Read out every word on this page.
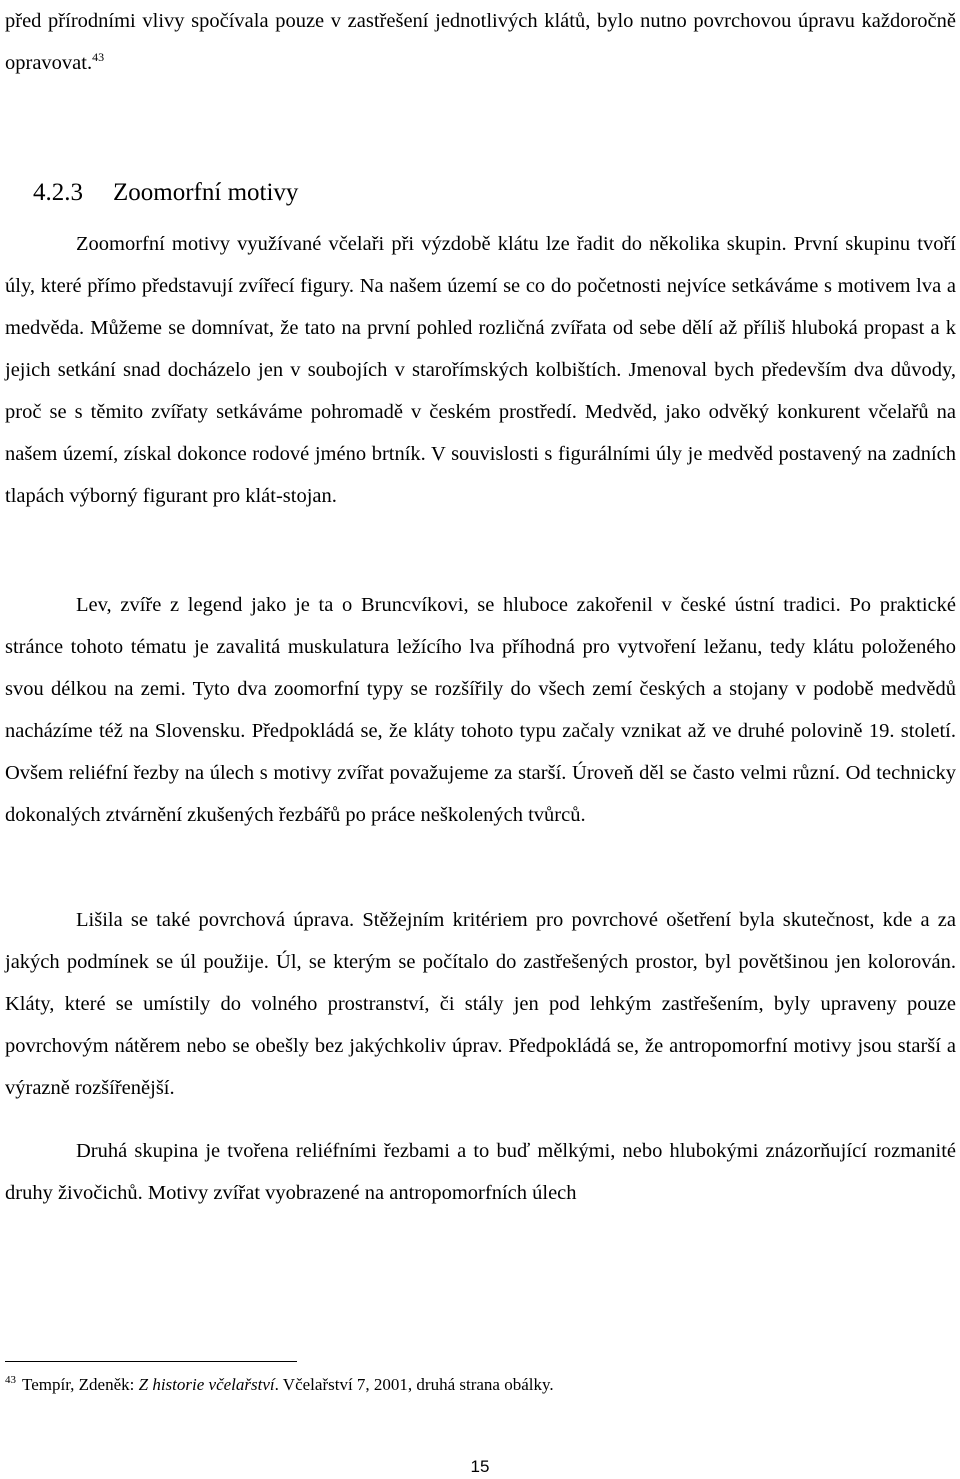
před přírodními vlivy spočívala pouze v zastřešení jednotlivých klátů, bylo nutno povrchovou úpravu každoročně opravovat.$^{43}$

4.2.3 Zoomorfní motivy

Zoomorfní motivy využívané včelaři při výzdobě klátu lze řadit do několika skupin. První skupinu tvoří úly, které přímo představují zvířecí figury. Na našem území se co do početnosti nejvíce setkáváme s motivem lva a medvěda. Můžeme se domnívat, že tato na první pohled rozličná zvířata od sebe dělí až příliš hluboká propast a k jejich setkání snad docházelo jen v soubojích v starořímských kolbištích. Jmenoval bych především dva důvody, proč se s těmito zvířaty setkáváme pohromadě v českém prostředí. Medvěd, jako odvěký konkurent včelařů na našem území, získal dokonce rodové jméno brtník. V souvislosti s figurálními úly je medvěd postavený na zadních tlapách výborný figurant pro klát-stojan.

Lev, zvíře z legend jako je ta o Bruncvíkovi, se hluboce zakořenil v české ústní tradici. Po praktické stránce tohoto tématu je zavalitá muskulatura ležícího lva příhodná pro vytvoření ležanu, tedy klátu položeného svou délkou na zemi. Tyto dva zoomorfní typy se rozšířily do všech zemí českých a stojany v podobě medvědů nacházíme též na Slovensku. Předpokládá se, že kláty tohoto typu začaly vznikat až ve druhé polovině 19. století. Ovšem reliéfní řezby na úlech s motivy zvířat považujeme za starší. Úroveň děl se často velmi různí. Od technicky dokonalých ztvárnění zkušených řezbářů po práce neškolených tvůrců.

Lišila se také povrchová úprava. Stěžejním kritériem pro povrchové ošetření byla skutečnost, kde a za jakých podmínek se úl použije. Úl, se kterým se počítalo do zastřešených prostor, byl povětšinou jen kolorován. Kláty, které se umístily do volného prostranství, či stály jen pod lehkým zastřešením, byly upraveny pouze povrchovým nátěrem nebo se obešly bez jakýchkoliv úprav. Předpokládá se, že antropomorfní motivy jsou starší a výrazně rozšířenější.

Druhá skupina je tvořena reliéfními řezbami a to buď mělkými, nebo hlubokými znázorňující rozmanité druhy živočichů. Motivy zvířat vyobrazené na antropomorfních úlech

$^{43}$ Tempír, Zdeněk: Z historie včelařství. Včelařství 7, 2001, druhá strana obálky.
15
